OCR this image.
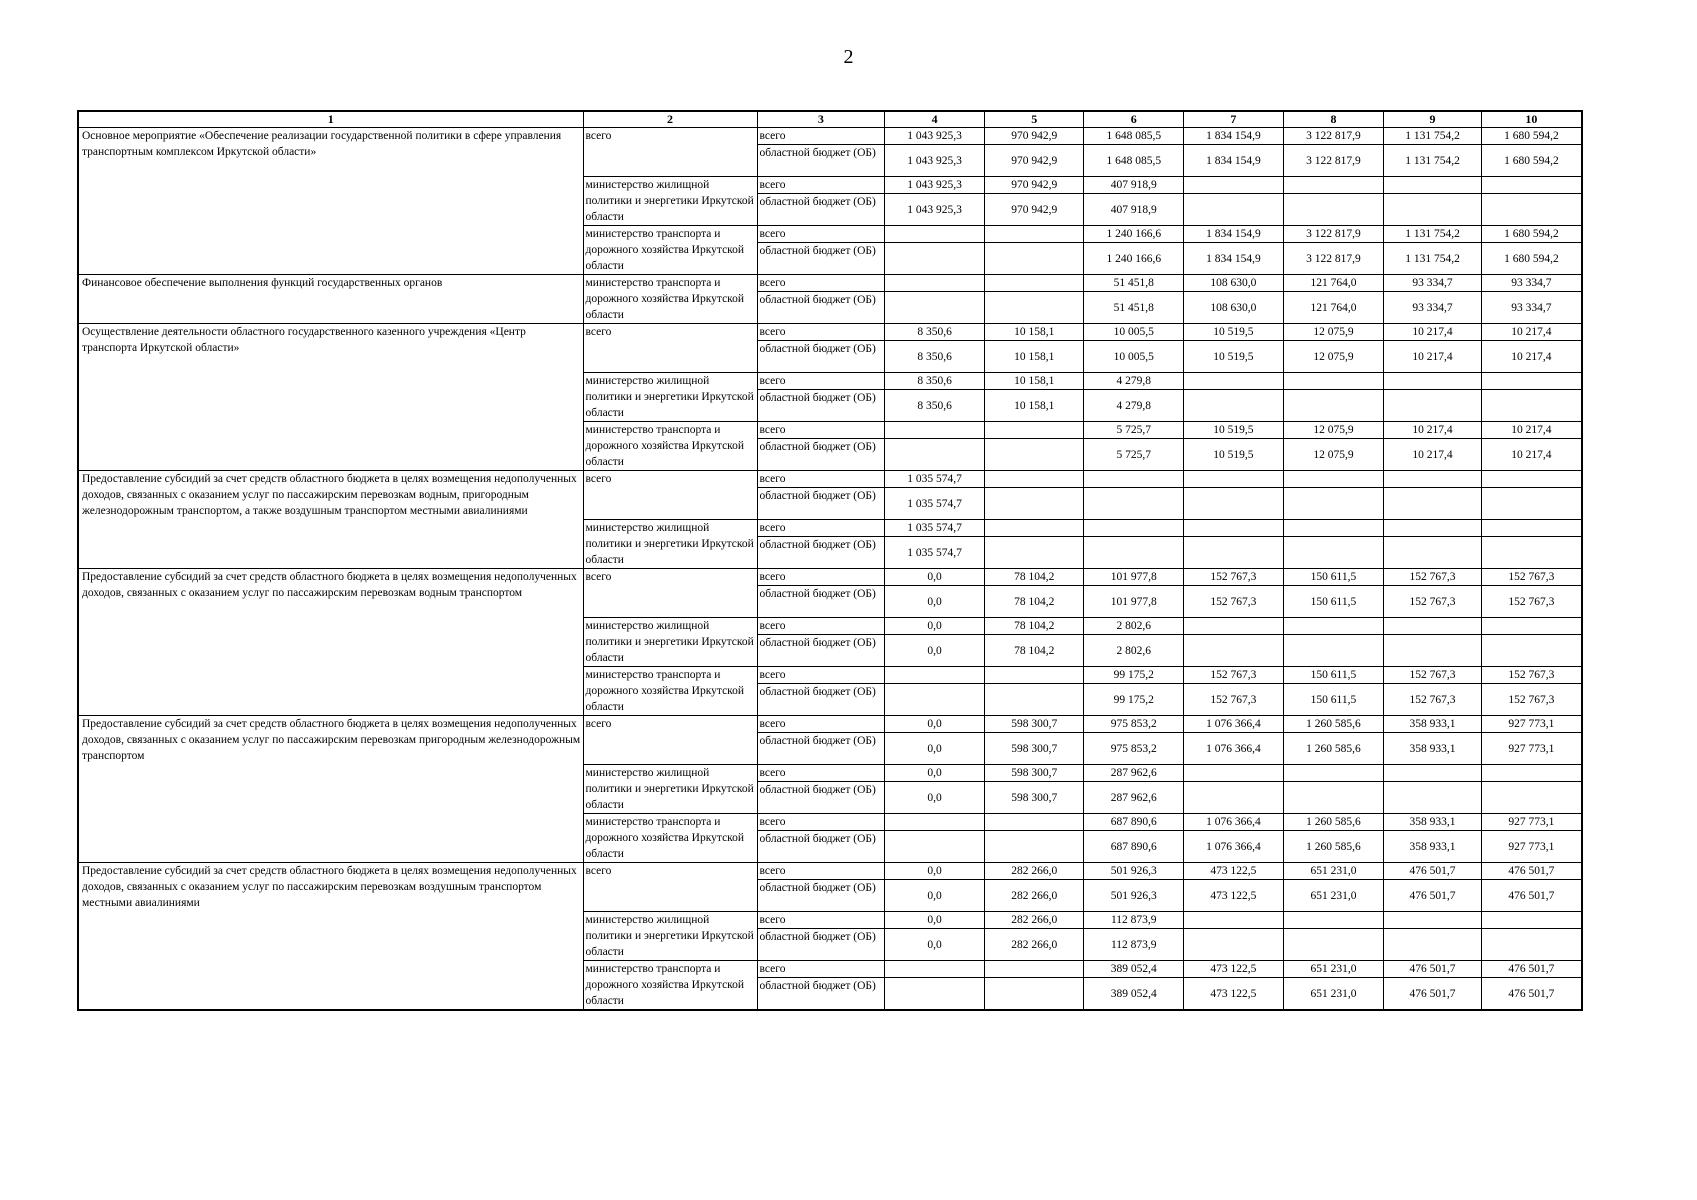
2
1	2	3	4	5	6	7	8	9	10
Основное мероприятие «Обеспечение реализации государственной политики в сфере управления транспортным комплексом Иркутской области»	всего	всего	1 043 925,3	970 942,9	1 648 085,5	1 834 154,9	3 122 817,9	1 131 754,2	1 680 594,2
		областной бюджет (ОБ)	1 043 925,3	970 942,9	1 648 085,5	1 834 154,9	3 122 817,9	1 131 754,2	1 680 594,2
	министерство жилищной политики и энергетики Иркутской области	всего	1 043 925,3	970 942,9	407 918,9				
		областной бюджет (ОБ)	1 043 925,3	970 942,9	407 918,9				
	министерство транспорта и дорожного хозяйства Иркутской области	всего			1 240 166,6	1 834 154,9	3 122 817,9	1 131 754,2	1 680 594,2
		областной бюджет (ОБ)			1 240 166,6	1 834 154,9	3 122 817,9	1 131 754,2	1 680 594,2
Финансовое обеспечение выполнения функций государственных органов	министерство транспорта и дорожного хозяйства Иркутской области	всего			51 451,8	108 630,0	121 764,0	93 334,7	93 334,7
		областной бюджет (ОБ)			51 451,8	108 630,0	121 764,0	93 334,7	93 334,7
Осуществление деятельности областного государственного казенного учреждения «Центр транспорта Иркутской области»	всего	всего	8 350,6	10 158,1	10 005,5	10 519,5	12 075,9	10 217,4	10 217,4
		областной бюджет (ОБ)	8 350,6	10 158,1	10 005,5	10 519,5	12 075,9	10 217,4	10 217,4
	министерство жилищной политики и энергетики Иркутской области	всего	8 350,6	10 158,1	4 279,8				
		областной бюджет (ОБ)	8 350,6	10 158,1	4 279,8				
	министерство транспорта и дорожного хозяйства Иркутской области	всего			5 725,7	10 519,5	12 075,9	10 217,4	10 217,4
		областной бюджет (ОБ)			5 725,7	10 519,5	12 075,9	10 217,4	10 217,4
Предоставление субсидий за счет средств областного бюджета в целях возмещения недополученных доходов, связанных с оказанием услуг по пассажирским перевозкам водным, пригородным железнодорожным транспортом, а также воздушным транспортом местными авиалиниями	всего	всего	1 035 574,7						
		областной бюджет (ОБ)	1 035 574,7						
	министерство жилищной политики и энергетики Иркутской области	всего	1 035 574,7						
		областной бюджет (ОБ)	1 035 574,7						
Предоставление субсидий за счет средств областного бюджета в целях возмещения недополученных доходов, связанных с оказанием услуг по пассажирским перевозкам водным транспортом	всего	всего	0,0	78 104,2	101 977,8	152 767,3	150 611,5	152 767,3	152 767,3
		областной бюджет (ОБ)	0,0	78 104,2	101 977,8	152 767,3	150 611,5	152 767,3	152 767,3
	министерство жилищной политики и энергетики Иркутской области	всего	0,0	78 104,2	2 802,6				
		областной бюджет (ОБ)	0,0	78 104,2	2 802,6				
	министерство транспорта и дорожного хозяйства Иркутской области	всего			99 175,2	152 767,3	150 611,5	152 767,3	152 767,3
		областной бюджет (ОБ)			99 175,2	152 767,3	150 611,5	152 767,3	152 767,3
Предоставление субсидий за счет средств областного бюджета в целях возмещения недополученных доходов, связанных с оказанием услуг по пассажирским перевозкам пригородным железнодорожным транспортом	всего	всего	0,0	598 300,7	975 853,2	1 076 366,4	1 260 585,6	358 933,1	927 773,1
		областной бюджет (ОБ)	0,0	598 300,7	975 853,2	1 076 366,4	1 260 585,6	358 933,1	927 773,1
	министерство жилищной политики и энергетики Иркутской области	всего	0,0	598 300,7	287 962,6				
		областной бюджет (ОБ)	0,0	598 300,7	287 962,6				
	министерство транспорта и дорожного хозяйства Иркутской области	всего			687 890,6	1 076 366,4	1 260 585,6	358 933,1	927 773,1
		областной бюджет (ОБ)			687 890,6	1 076 366,4	1 260 585,6	358 933,1	927 773,1
Предоставление субсидий за счет средств областного бюджета в целях возмещения недополученных доходов, связанных с оказанием услуг по пассажирским перевозкам воздушным транспортом местными авиалиниями	всего	всего	0,0	282 266,0	501 926,3	473 122,5	651 231,0	476 501,7	476 501,7
		областной бюджет (ОБ)	0,0	282 266,0	501 926,3	473 122,5	651 231,0	476 501,7	476 501,7
	министерство жилищной политики и энергетики Иркутской области	всего	0,0	282 266,0	112 873,9				
		областной бюджет (ОБ)	0,0	282 266,0	112 873,9				
	министерство транспорта и дорожного хозяйства Иркутской области	всего			389 052,4	473 122,5	651 231,0	476 501,7	476 501,7
		областной бюджет (ОБ)			389 052,4	473 122,5	651 231,0	476 501,7	476 501,7
